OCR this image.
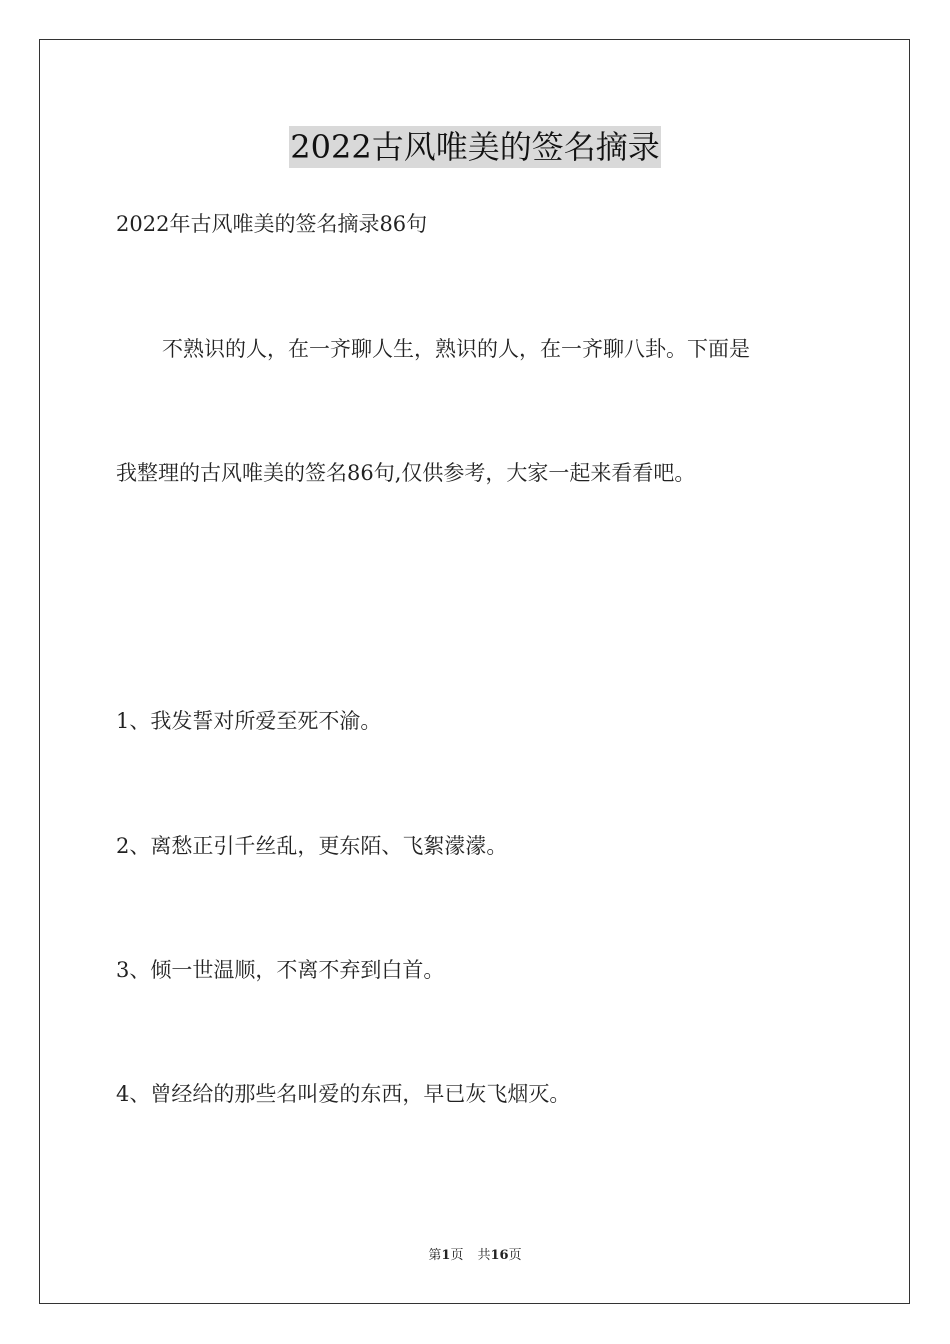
2022古风唯美的签名摘录
2022年古风唯美的签名摘录86句
不熟识的人，在一齐聊人生，熟识的人，在一齐聊八卦。下面是
我整理的古风唯美的签名86句,仅供参考，大家一起来看看吧。
1、我发誓对所爱至死不渝。
2、离愁正引千丝乱，更东陌、飞絮濛濛。
3、倾一世温顺，不离不弃到白首。
4、曾经给的那些名叫爱的东西，早已灰飞烟灭。
第1页 共16页
